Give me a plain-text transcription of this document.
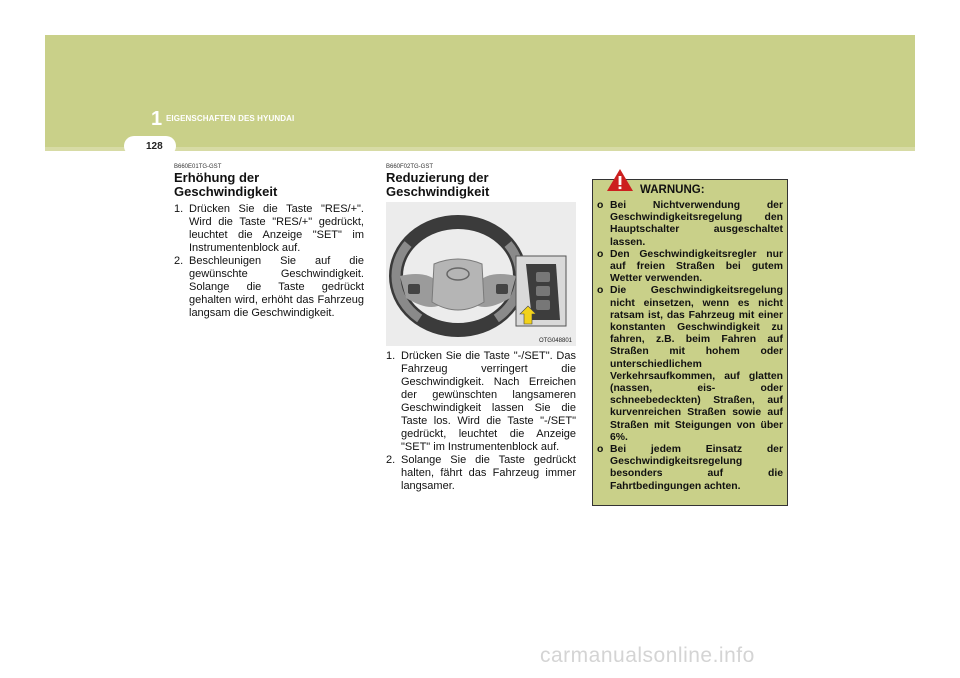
1 EIGENSCHAFTEN DES HYUNDAI
128
B660E01TG-GST
Erhöhung der Geschwindigkeit
1. Drücken Sie die Taste "RES/+". Wird die Taste "RES/+" gedrückt, leuchtet die Anzeige "SET" im Instrumentenblock auf.
2. Beschleunigen Sie auf die gewünschte Geschwindigkeit. Solange die Taste gedrückt gehalten wird, erhöht das Fahrzeug langsam die Geschwindigkeit.
B660F02TG-GST
Reduzierung der
Geschwindigkeit
OTG048801
1. Drücken Sie die Taste "-/SET". Das Fahrzeug verringert die Geschwindigkeit. Nach Erreichen der gewünschten langsameren Geschwindigkeit lassen Sie die Taste los. Wird die Taste "-/SET" gedrückt, leuchtet die Anzeige "SET" im Instrumentenblock auf.
2. Solange Sie die Taste gedrückt halten, fährt das Fahrzeug immer langsamer.
WARNUNG:
o Bei Nichtverwendung der Geschwindigkeitsregelung den Hauptschalter ausgeschaltet lassen.
o Den Geschwindigkeitsregler nur auf freien Straßen bei gutem Wetter verwenden.
o Die Geschwindigkeitsregelung nicht einsetzen, wenn es nicht ratsam ist, das Fahrzeug mit einer konstanten Geschwindigkeit zu fahren, z.B. beim Fahren auf Straßen mit hohem oder unterschiedlichem Verkehrsaufkommen, auf glatten (nassen, eis- oder schneebedeckten) Straßen, auf kurvenreichen Straßen sowie auf Straßen mit Steigungen von über 6%.
o Bei jedem Einsatz der Geschwindigkeitsregelung besonders auf die Fahrtbedingungen achten.
carmanualsonline.info
